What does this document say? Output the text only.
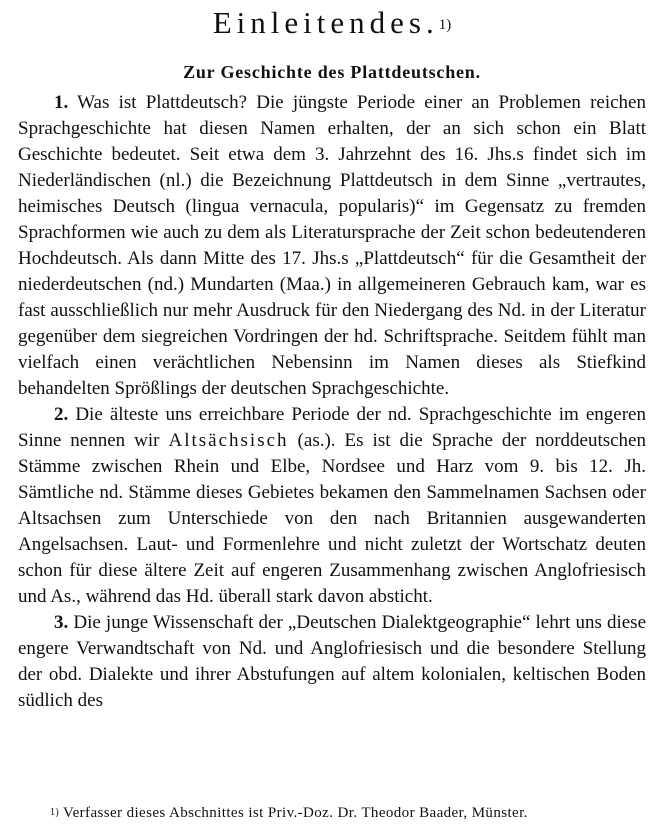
Einleitendes.$^{1)}$
Zur Geschichte des Plattdeutschen.

1. Was ist Plattdeutsch? Die jüngste Periode einer an Problemen reichen Sprachgeschichte hat diesen Namen erhalten, der an sich schon ein Blatt Geschichte bedeutet. Seit etwa dem 3. Jahrzehnt des 16. Jhs.s findet sich im Niederländischen (nl.) die Bezeichnung Plattdeutsch in dem Sinne „vertrautes, heimisches Deutsch (lingua vernacula, popularis)“ im Gegensatz zu fremden Sprachformen wie auch zu dem als Literatursprache der Zeit schon bedeutenderen Hochdeutsch. Als dann Mitte des 17. Jhs.s „Plattdeutsch“ für die Gesamtheit der niederdeutschen (nd.) Mundarten (Maa.) in allgemeineren Gebrauch kam, war es fast ausschließlich nur mehr Ausdruck für den Niedergang des Nd. in der Literatur gegenüber dem siegreichen Vordringen der hd. Schriftsprache. Seitdem fühlt man vielfach einen verächtlichen Nebensinn im Namen dieses als Stiefkind behandelten Sprößlings der deutschen Sprachgeschichte.

2. Die älteste uns erreichbare Periode der nd. Sprachgeschichte im engeren Sinne nennen wir Altsächsisch (as.). Es ist die Sprache der norddeutschen Stämme zwischen Rhein und Elbe, Nordsee und Harz vom 9. bis 12. Jh. Sämtliche nd. Stämme dieses Gebietes bekamen den Sammelnamen Sachsen oder Altsachsen zum Unterschiede von den nach Britannien ausgewanderten Angelsachsen. Laut- und Formenlehre und nicht zuletzt der Wortschatz deuten schon für diese ältere Zeit auf engeren Zusammenhang zwischen Anglofriesisch und As., während das Hd. überall stark davon absticht.

3. Die junge Wissenschaft der „Deutschen Dialektgeographie“ lehrt uns diese engere Verwandtschaft von Nd. und Anglofriesisch und die besondere Stellung der obd. Dialekte und ihrer Abstufungen auf altem kolonialen, keltischen Boden südlich des

$^{1)}$ Verfasser dieses Abschnittes ist Priv.-Doz. Dr. Theodor Baader, Münster.
